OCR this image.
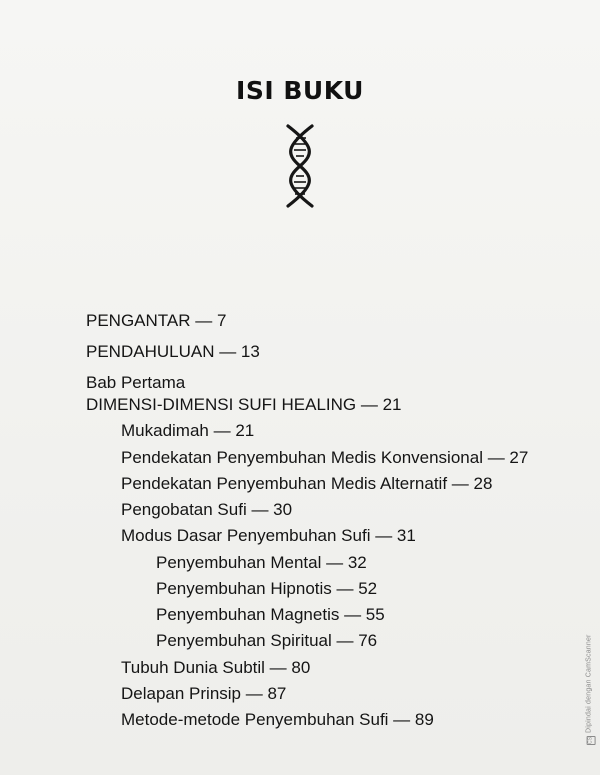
ISI BUKU
PENGANTAR — 7
PENDAHULUAN — 13
Bab Pertama
DIMENSI-DIMENSI SUFI HEALING — 21
Mukadimah — 21
Pendekatan Penyembuhan Medis Konvensional — 27
Pendekatan Penyembuhan Medis Alternatif — 28
Pengobatan Sufi — 30
Modus Dasar Penyembuhan Sufi — 31
Penyembuhan Mental — 32
Penyembuhan Hipnotis — 52
Penyembuhan Magnetis — 55
Penyembuhan Spiritual — 76
Tubuh Dunia Subtil — 80
Delapan Prinsip — 87
Metode-metode Penyembuhan Sufi — 89
CSDipindai dengan CamScanner
